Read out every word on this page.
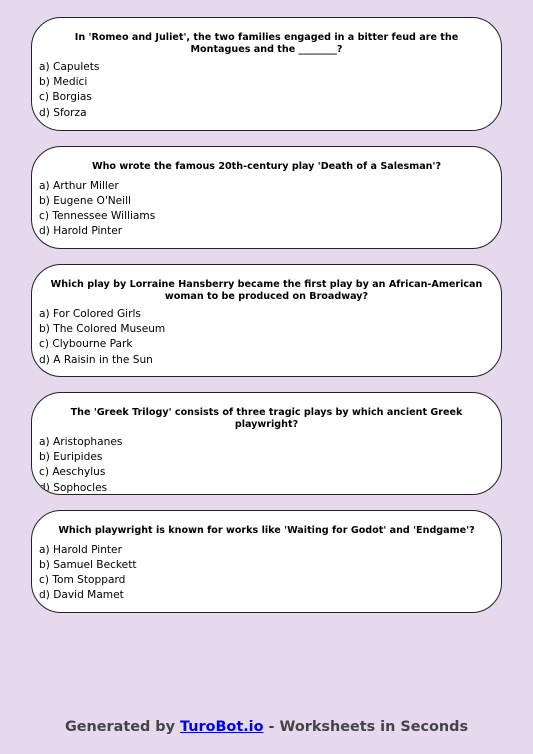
In 'Romeo and Juliet', the two families engaged in a bitter feud are the Montagues and the ________?
a) Capulets
b) Medici
c) Borgias
d) Sforza
Who wrote the famous 20th-century play 'Death of a Salesman'?
a) Arthur Miller
b) Eugene O'Neill
c) Tennessee Williams
d) Harold Pinter
Which play by Lorraine Hansberry became the first play by an African-American woman to be produced on Broadway?
a) For Colored Girls
b) The Colored Museum
c) Clybourne Park
d) A Raisin in the Sun
The 'Greek Trilogy' consists of three tragic plays by which ancient Greek playwright?
a) Aristophanes
b) Euripides
c) Aeschylus
d) Sophocles
Which playwright is known for works like 'Waiting for Godot' and 'Endgame'?
a) Harold Pinter
b) Samuel Beckett
c) Tom Stoppard
d) David Mamet
Generated by TuroBot.io - Worksheets in Seconds
